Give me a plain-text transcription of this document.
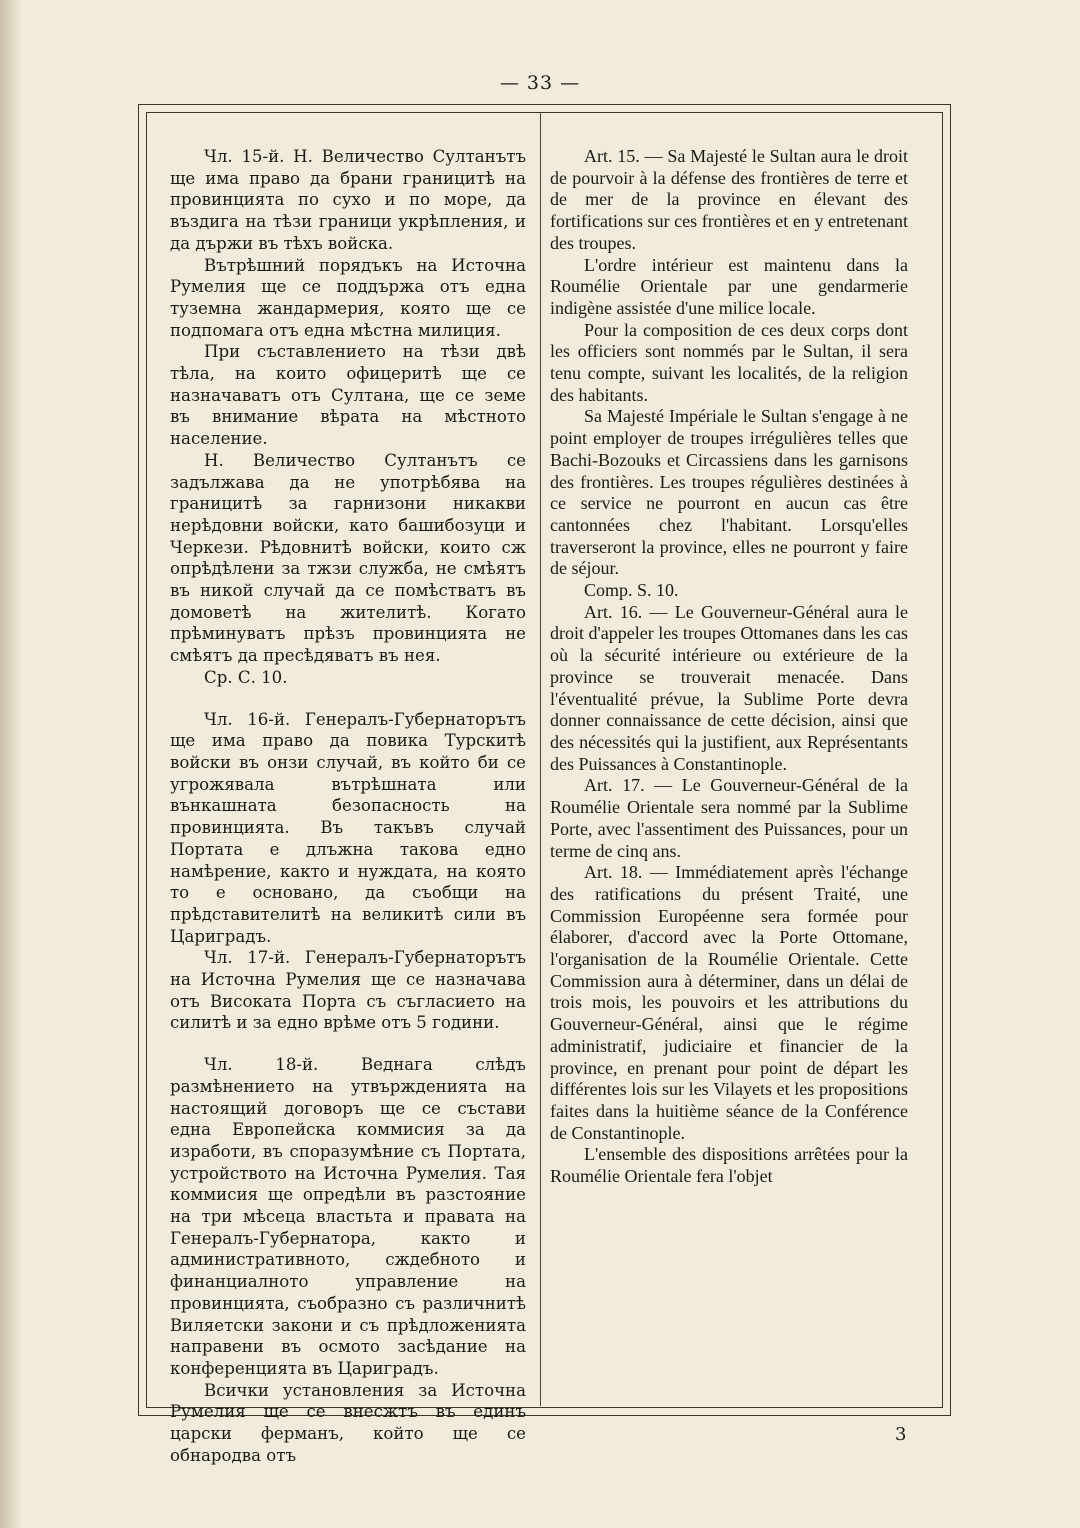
— 33 —

Чл. 15-й. Н. Величество Султанътъ ще има право да брани границитѣ на провинцията по сухо и по море, да въздига на тѣзи граници укрѣпления, и да държи въ тѣхъ войска.

Вътрѣшний порядъкъ на Источна Румелия ще се поддържа отъ една туземна жандармерия, която ще се подпомага отъ една мѣстна милиция.

При съставлението на тѣзи двѣ тѣла, на които офицеритѣ ще се назначаватъ отъ Султана, ще се земе въ внимание вѣрата на мѣстното население.

Н. Величество Султанътъ се задължава да не употрѣбява на границитѣ за гарнизони никакви нерѣдовни войски, като башибозуци и Черкези. Рѣдовнитѣ войски, които сж опрѣдѣлени за тжзи служба, не смѣятъ въ никой случай да се помѣстватъ въ домоветѣ на жителитѣ. Когато прѣминуватъ прѣзъ провинцията не смѣятъ да пресѣдяватъ въ нея.

Ср. С. 10.

Чл. 16-й. Генералъ-Губернаторътъ ще има право да повика Турскитѣ войски въ онзи случай, въ който би се угрожявала вътрѣшната или вънкашната безопасность на провинцията. Въ такъвъ случай Портата е длъжна такова едно намѣрение, както и нуждата, на която то е основано, да съобщи на прѣдставителитѣ на великитѣ сили въ Цариградъ.

Чл. 17-й. Генералъ-Губернаторътъ на Источна Румелия ще се назначава отъ Високата Порта съ съгласието на силитѣ и за едно врѣме отъ 5 години.

Чл. 18-й. Веднага слѣдъ размѣнението на утвържденията на настоящий договоръ ще се състави една Европейска коммисия за да изработи, въ споразумѣние съ Портата, устройството на Источна Румелия. Тая коммисия ще опредѣли въ разстояние на три мѣсеца властьта и правата на Генералъ-Губернатора, както и административното, сждебното и финанциалното управление на провинцията, съобразно съ различнитѣ Виляетски закони и съ прѣдложенията направени въ осмото засѣдание на конференцията въ Цариградъ.

Всички установления за Источна Румелия ще се внесжтъ въ единъ царски ферманъ, който ще се обнародва отъ

Art. 15. — Sa Majesté le Sultan aura le droit de pourvoir à la défense des frontières de terre et de mer de la province en élevant des fortifications sur ces frontières et en y entretenant des troupes.

L'ordre intérieur est maintenu dans la Roumélie Orientale par une gendarmerie indigène assistée d'une milice locale.

Pour la composition de ces deux corps dont les officiers sont nommés par le Sultan, il sera tenu compte, suivant les localités, de la religion des habitants.

Sa Majesté Impériale le Sultan s'engage à ne point employer de troupes irrégulières telles que Bachi-Bozouks et Circassiens dans les garnisons des frontières. Les troupes régulières destinées à ce service ne pourront en aucun cas être cantonnées chez l'habitant. Lorsqu'elles traverseront la province, elles ne pourront y faire de séjour.

Comp. S. 10.

Art. 16. — Le Gouverneur-Général aura le droit d'appeler les troupes Ottomanes dans les cas où la sécurité intérieure ou extérieure de la province se trouverait menacée. Dans l'éventualité prévue, la Sublime Porte devra donner connaissance de cette décision, ainsi que des nécessités qui la justifient, aux Représentants des Puissances à Constantinople.

Art. 17. — Le Gouverneur-Général de la Roumélie Orientale sera nommé par la Sublime Porte, avec l'assentiment des Puissances, pour un terme de cinq ans.

Art. 18. — Immédiatement après l'échange des ratifications du présent Traité, une Commission Européenne sera formée pour élaborer, d'accord avec la Porte Ottomane, l'organisation de la Roumélie Orientale. Cette Commission aura à déterminer, dans un délai de trois mois, les pouvoirs et les attributions du Gouverneur-Général, ainsi que le régime administratif, judiciaire et financier de la province, en prenant pour point de départ les différentes lois sur les Vilayets et les propositions faites dans la huitième séance de la Conférence de Constantinople.

L'ensemble des dispositions arrêtées pour la Roumélie Orientale fera l'objet

3
